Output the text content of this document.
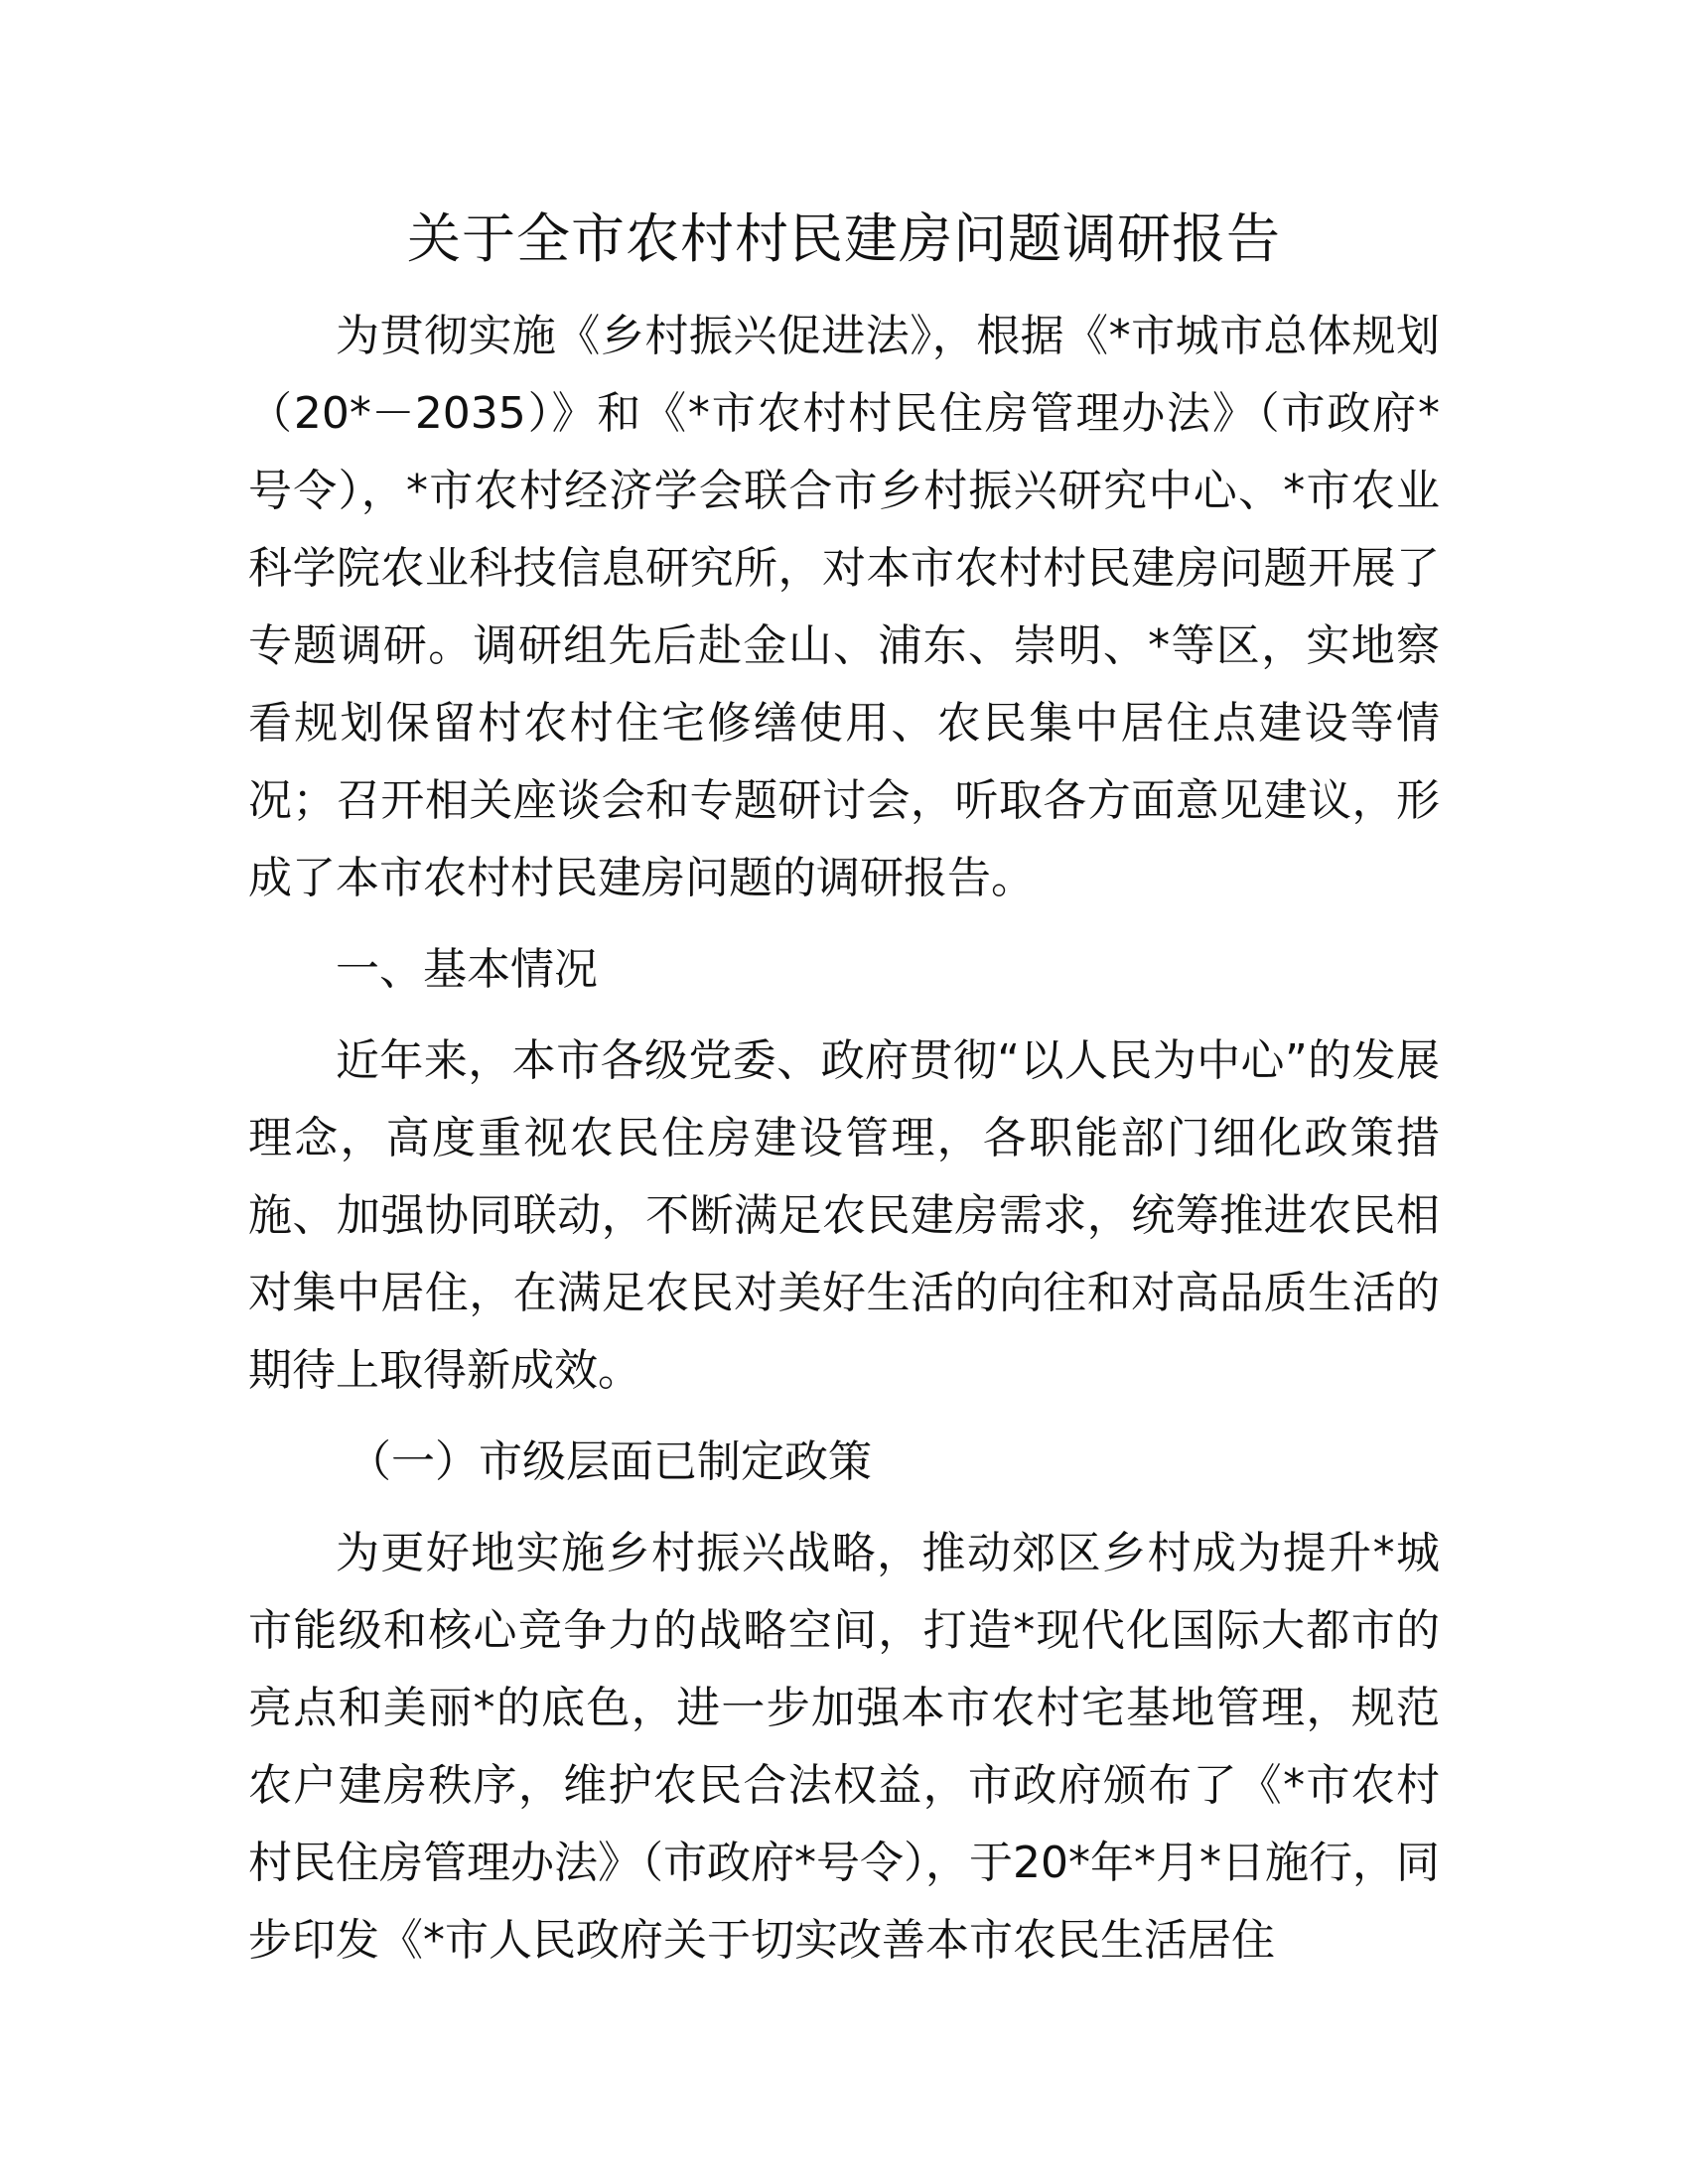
关于全市农村村民建房问题调研报告

为贯彻实施《乡村振兴促进法》，根据《*市城市总体规划（20*－2035）》和《*市农村村民住房管理办法》（市政府*号令），*市农村经济学会联合市乡村振兴研究中心、*市农业科学院农业科技信息研究所，对本市农村村民建房问题开展了专题调研。调研组先后赴金山、浦东、崇明、*等区，实地察看规划保留村农村住宅修缮使用、农民集中居住点建设等情况；召开相关座谈会和专题研讨会，听取各方面意见建议，形成了本市农村村民建房问题的调研报告。

一、基本情况

近年来，本市各级党委、政府贯彻“以人民为中心”的发展理念，高度重视农民住房建设管理，各职能部门细化政策措施、加强协同联动，不断满足农民建房需求，统筹推进农民相对集中居住，在满足农民对美好生活的向往和对高品质生活的期待上取得新成效。

（一）市级层面已制定政策

为更好地实施乡村振兴战略，推动郊区乡村成为提升*城市能级和核心竞争力的战略空间，打造*现代化国际大都市的亮点和美丽*的底色，进一步加强本市农村宅基地管理，规范农户建房秩序，维护农民合法权益，市政府颁布了《*市农村村民住房管理办法》（市政府*号令），于20*年*月*日施行，同步印发《*市人民政府关于切实改善本市农民生活居住
